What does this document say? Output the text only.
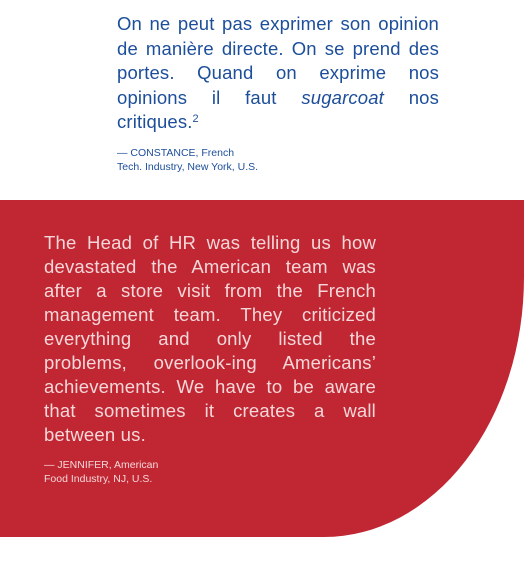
On ne peut pas exprimer son opinion de manière directe. On se prend des portes. Quand on exprime nos opinions il faut sugarcoat nos critiques.$^2$

— CONSTANCE, French
Tech. Industry, New York, U.S.

The Head of HR was telling us how devastated the American team was after a store visit from the French management team. They criticized everything and only listed the problems, overlook-ing Americans’ achievements. We have to be aware that sometimes it creates a wall between us.

— JENNIFER, American
Food Industry, NJ, U.S.
